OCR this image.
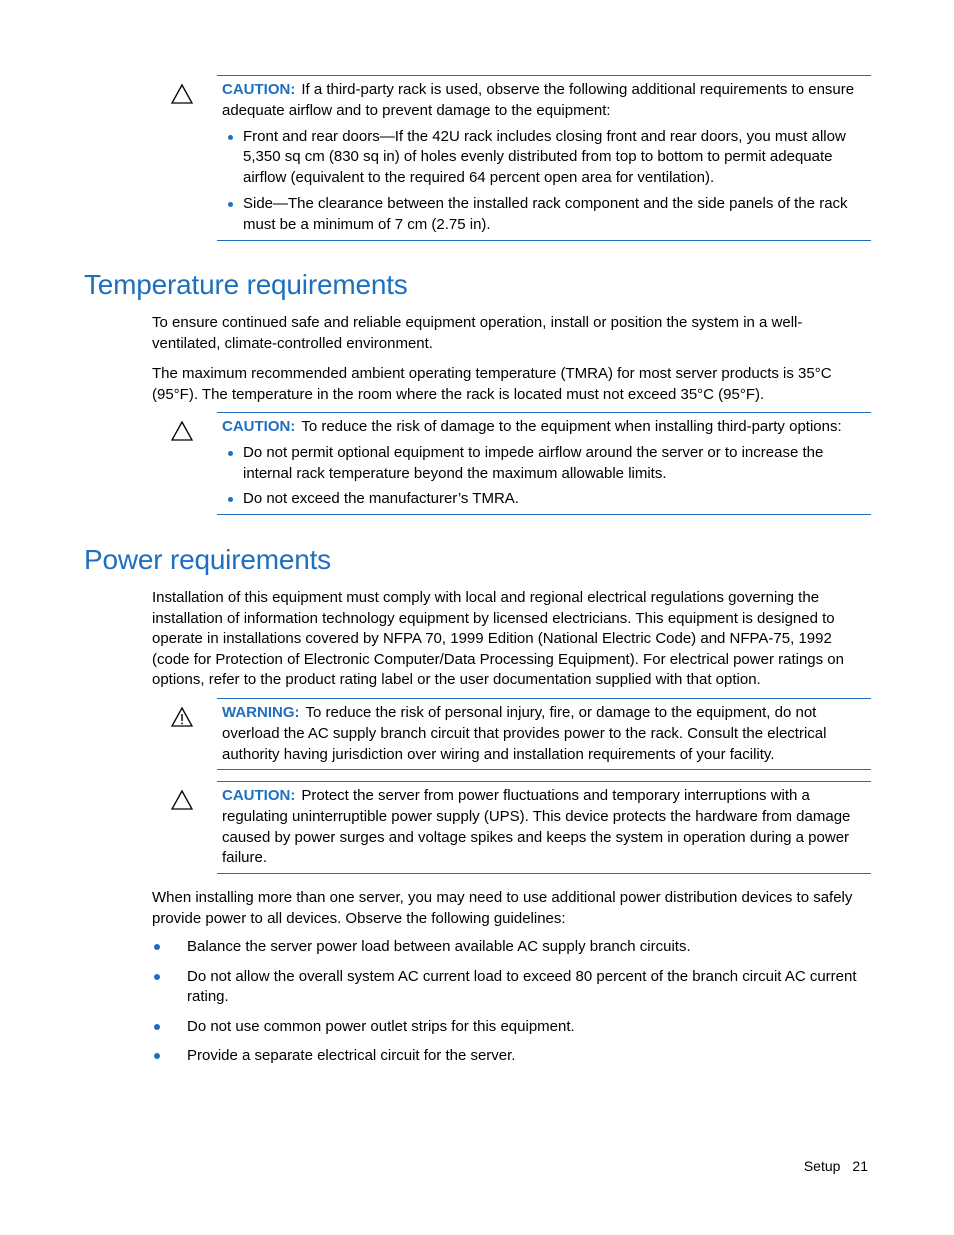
CAUTION: If a third-party rack is used, observe the following additional requirements to ensure adequate airflow and to prevent damage to the equipment:
Front and rear doors—If the 42U rack includes closing front and rear doors, you must allow 5,350 sq cm (830 sq in) of holes evenly distributed from top to bottom to permit adequate airflow (equivalent to the required 64 percent open area for ventilation).
Side—The clearance between the installed rack component and the side panels of the rack must be a minimum of 7 cm (2.75 in).
Temperature requirements

To ensure continued safe and reliable equipment operation, install or position the system in a well-ventilated, climate-controlled environment.

The maximum recommended ambient operating temperature (TMRA) for most server products is 35°C (95°F). The temperature in the room where the rack is located must not exceed 35°C (95°F).

CAUTION: To reduce the risk of damage to the equipment when installing third-party options:
Do not permit optional equipment to impede airflow around the server or to increase the internal rack temperature beyond the maximum allowable limits.
Do not exceed the manufacturer’s TMRA.
Power requirements

Installation of this equipment must comply with local and regional electrical regulations governing the installation of information technology equipment by licensed electricians. This equipment is designed to operate in installations covered by NFPA 70, 1999 Edition (National Electric Code) and NFPA-75, 1992 (code for Protection of Electronic Computer/Data Processing Equipment). For electrical power ratings on options, refer to the product rating label or the user documentation supplied with that option.

WARNING: To reduce the risk of personal injury, fire, or damage to the equipment, do not overload the AC supply branch circuit that provides power to the rack. Consult the electrical authority having jurisdiction over wiring and installation requirements of your facility.
CAUTION: Protect the server from power fluctuations and temporary interruptions with a regulating uninterruptible power supply (UPS). This device protects the hardware from damage caused by power surges and voltage spikes and keeps the system in operation during a power failure.

When installing more than one server, you may need to use additional power distribution devices to safely provide power to all devices. Observe the following guidelines:

Balance the server power load between available AC supply branch circuits.
Do not allow the overall system AC current load to exceed 80 percent of the branch circuit AC current rating.
Do not use common power outlet strips for this equipment.
Provide a separate electrical circuit for the server.
Setup 21
